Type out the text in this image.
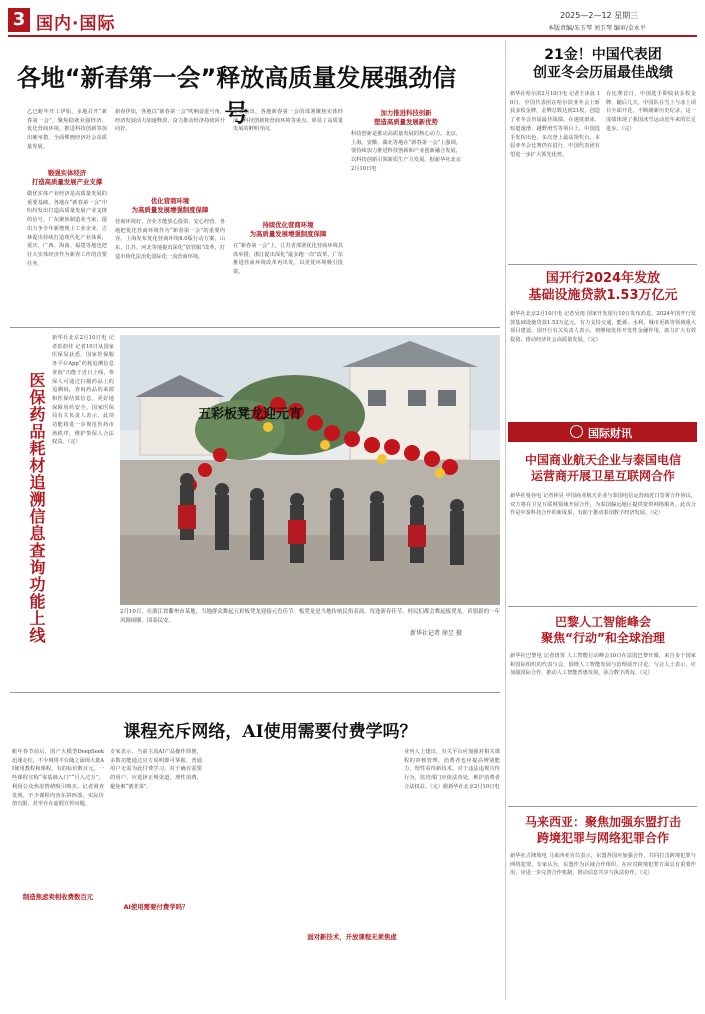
3 国内·国际	2025—2—12 星期三
本版责编/朱玉琴 刘玉琴 编审/金永平
各地“新春第一会”释放高质量发展强劲信号
乙巳蛇年开工伊始，多地召开“新春第一会”，聚焦稳就业强经济、优化营商环境、推进科技创新等加出硬举措，全面擘画经济社会高质量发展。
锻强实体经济
打造高质量发展产业支撑
做优实体产业经济是高质量发展的重要基础。各地在“新春第一会”中纷纷发出打造高质量发展产业支撑的信号。广东聚焦制造业当家，提出力争全年新增规上工业企业，吉林提出持续打造现代化产业体系，重庆、广西、海南、福建等地也把壮大实体经济作为新春工作的首要任务。
新春伊始，各地以“新春第一会”吹响奋进号角，经济发展活力加速释放，奋力推动经济持续回升向好。
优化营商环境
为高质量发展增强制度保障
营商环境好，企业才能放心投资、安心经营。各地把优化营商环境作为“新春第一会”的重要内容。上海发布优化营商环境8.0版行动方案，山东、江苏、河北等地提出深化“放管服”改革，打造市场化法治化国际化一流营商环境。
专家指出，各地新春第一会的部署聚焦实体经济、科技创新和营商环境等重点，彰显了高质量发展的鲜明导向。
持续优化营商环境
为高质量发展增强制度保障
在“新春第一会”上，江苏省部署优化营商环境具体举措，浙江提出深化“最多跑一次”改革，广东推进营商环境改革再出发，以更优环境吸引投资。
加力推进科技创新
塑造高质量发展新优势
科技创新是推动高质量发展的核心动力。北京、上海、安徽、湖北等地在“新春第一会”上强调，要持续加力推进科技创新和产业创新融合发展，以科技创新引领新质生产力发展。据新华社北京2月10日电
医保药品耗材追溯信息查询功能上线
新华社北京2月10日电 记者彭韵佳 记者10日从国家医保局获悉，国家医保服务平台App“药耗追溯信息查询”功能于近日上线，参保人可通过扫描药品上的追溯码，查询药品的来源和医保结算信息，更好地保障用药安全。国家医保局有关负责人表示，此项功能将进一步规范医药市场秩序，维护参保人合法权益。（完）
五彩板凳龙迎元宵
2月10日，在浙江省衢州市某地，当地群众舞起五彩板凳龙迎接元宵佳节。板凳龙是当地传统民俗表演，每逢新春佳节，村民们都会舞起板凳龙，祈愿新的一年风调雨顺、国泰民安。
新华社记者 徐昱 摄
课程充斥网络，AI使用需要付费学吗？
蛇年春节前后，国产大模型DeepSeek迅速走红，不少网络平台随之涌现大量AI使用教程和课程，有的标价数百元。一些课程宣称“零基础入门”“月入过万”，利用公众焦虑情绪吸引购买。记者调查发现，不少课程内容东拼西凑，实际价值有限，甚至存在虚假宣传问题。
制造焦虑卖相收费数百元
专家表示，当前主流AI产品操作简便，多数功能通过官方说明即可掌握，普通用户无需为此付费学习。对于确有需要的用户，应选择正规渠道，理性消费，避免被“割韭菜”。
AI使用需要付费学吗？
面对新技术，开放课程无须焦虑
业内人士建议，有关平台应加强对相关课程的审核管理，消费者也应提高辨别能力，理性看待新技术。对于违法违规宣传行为，监管部门应依法查处，维护消费者合法权益。（完）据新华社北京2月10日电
21金！中国代表团
创亚冬会历届最佳战绩
新华社哈尔滨2月10日电 记者王沐晨 10日，中国代表团在哈尔滨亚冬会上斩获多枚金牌，金牌总数达到21枚，创造了亚冬会历届最佳战绩。在速度滑冰、短道速滑、越野滑雪等项目上，中国选手发挥出色，多次登上最高领奖台。本届亚冬会比赛仍在进行，中国代表团有望进一步扩大领先优势。
在比赛首日，中国选手即收获多枚金牌。随后几天，中国队在雪上与冰上项目全面开花，不断刷新历史纪录。这一成绩体现了我国冰雪运动近年来的长足进步。（完）
国开行2024年发放
基础设施贷款1.53万亿元
新华社北京2月10日电 记者吴雨 国家开发银行10日发布消息，2024年国开行发放基础设施贷款1.53万亿元，有力支持交通、能源、水利、城市更新等领域重大项目建设。国开行有关负责人表示，将继续发挥开发性金融作用，助力扩大有效投资，推动经济社会高质量发展。（完）
国际财讯
中国商业航天企业与泰国电信
运营商开展卫星互联网合作
新华社曼谷电 记者林昊 中国商业航天企业与泰国电信运营商近日签署合作协议，双方将在卫星互联网领域开展合作，为泰国偏远地区提供宽带网络服务。此次合作是中泰科技合作的新成果，有助于推动泰国数字经济发展。（完）
巴黎人工智能峰会
聚焦“行动”和全球治理
新华社巴黎电 记者唐霁 人工智能行动峰会10日在法国巴黎开幕，来自多个国家和国际组织的代表与会，围绕人工智能发展与治理展开讨论。与会人士表示，应加强国际合作，推动人工智能普惠发展，弥合数字鸿沟。（完）
马来西亚：聚焦加强东盟打击
跨境犯罪与网络犯罪合作
新华社吉隆坡电 马来西亚官员表示，东盟各国应加强合作，共同打击跨境犯罪与网络犯罪。专家认为，东盟作为区域合作组织，在应对跨境犯罪方面具有重要作用，应进一步完善合作机制，推动信息共享与执法协作。（完）
